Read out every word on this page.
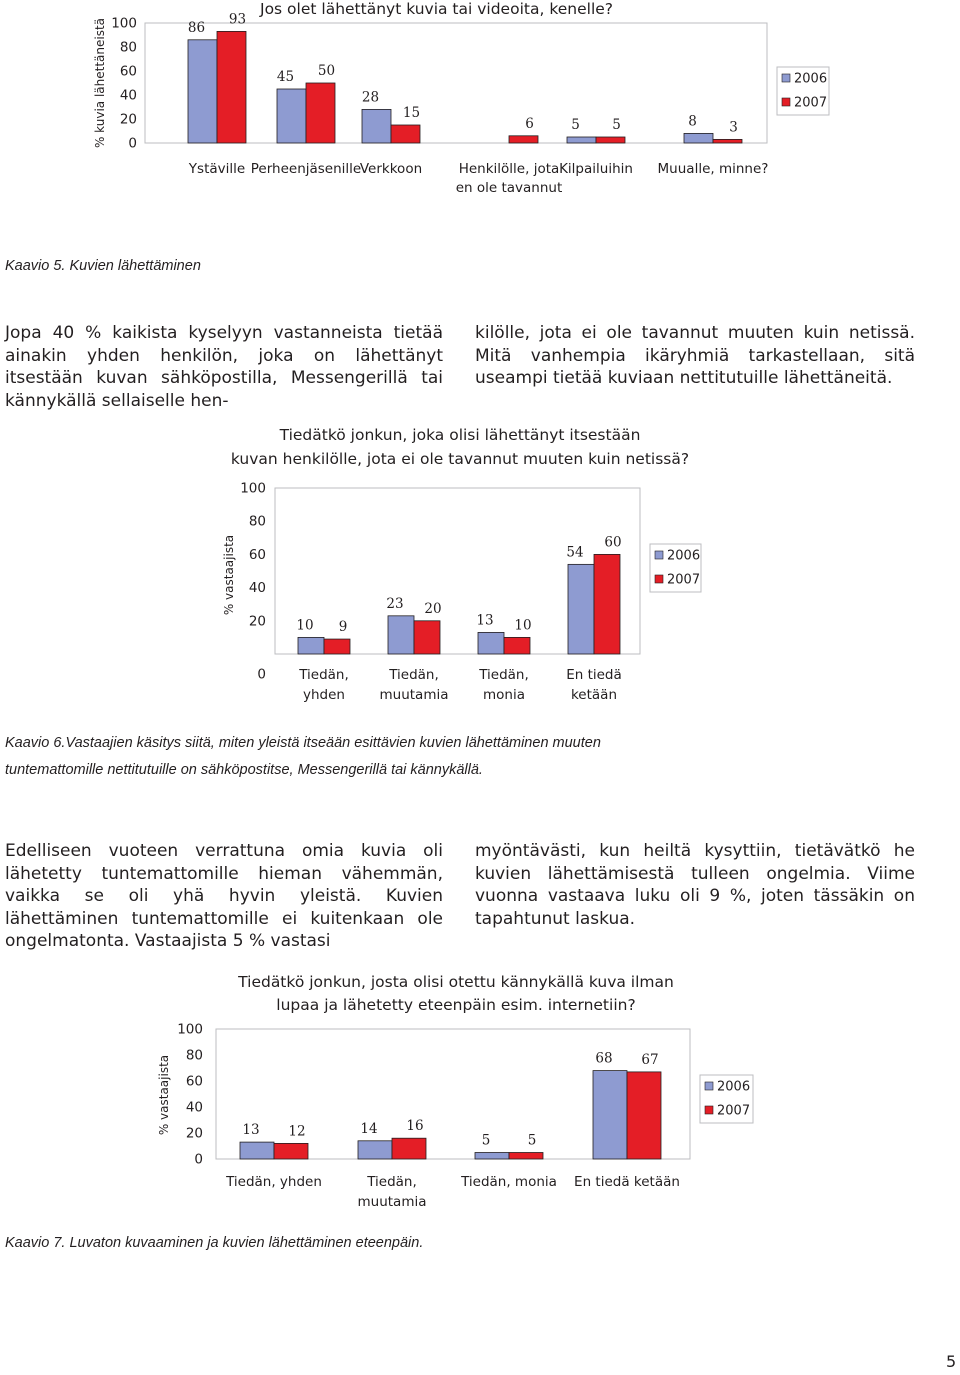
Jos olet lähettänyt kuvia tai videoita, kenelle?
100
80
60
40
20
0
% kuvia lähettäneistä	86
93
Ystäville
45 50
Perheenjäsenille
28
15
Verkkoon
6
Henkilölle, jota
en ole tavannut
5 5
Kilpailuihin
8 3
Muualle, minne?
2006
2007
Kaavio 5. Kuvien lähettäminen

Jopa 40 % kaikista kyselyyn vastanneista tietää ainakin yhden henkilön, joka on lähettänyt itsestään kuvan sähköpostilla, Messengerillä tai kännykällä sellaiselle hen-

kilölle, jota ei ole tavannut muuten kuin netissä. Mitä vanhempia ikäryhmiä tarkastellaan, sitä useampi tietää kuviaan nettitutuille lähettäneitä.

Tiedätkö jonkun, joka olisi lähettänyt itsestään
kuvan henkilölle, jota ei ole tavannut muuten kuin netissä?
100
80
60
40
20
0
% vastaajista
10 9
Tiedän,
yhden
23 20
Tiedän,
muutamia
13 10
Tiedän,
monia
54
60
En tiedä
ketään
2006
2007
Kaavio 6.Vastaajien käsitys siitä, miten yleistä itseään esittävien kuvien lähettäminen muuten
tuntemattomille nettitutuille on sähköpostitse, Messengerillä tai kännykällä.

Edelliseen vuoteen verrattuna omia kuvia oli lähetetty tuntemattomille hieman vähemmän, vaikka se oli yhä hyvin yleistä. Kuvien lähettäminen tuntemattomille ei kuitenkaan ole ongelmatonta. Vastaajista 5 % vastasi

myöntävästi, kun heiltä kysyttiin, tietävätkö he kuvien lähettämisestä tulleen ongelmia. Viime vuonna vastaava luku oli 9 %, joten tässäkin on tapahtunut laskua.

Tiedätkö jonkun, josta olisi otettu kännykällä kuva ilman
lupaa ja lähetetty eteenpäin esim. internetiin?
100
80
60
40
20
0
% vastaajista	13 12
Tiedän, yhden
14 16
Tiedän,
muutamia
5	5
Tiedän, monia
68 67
En tiedä ketään
2006
2007
Kaavio 7. Luvaton kuvaaminen ja kuvien lähettäminen eteenpäin.
5
